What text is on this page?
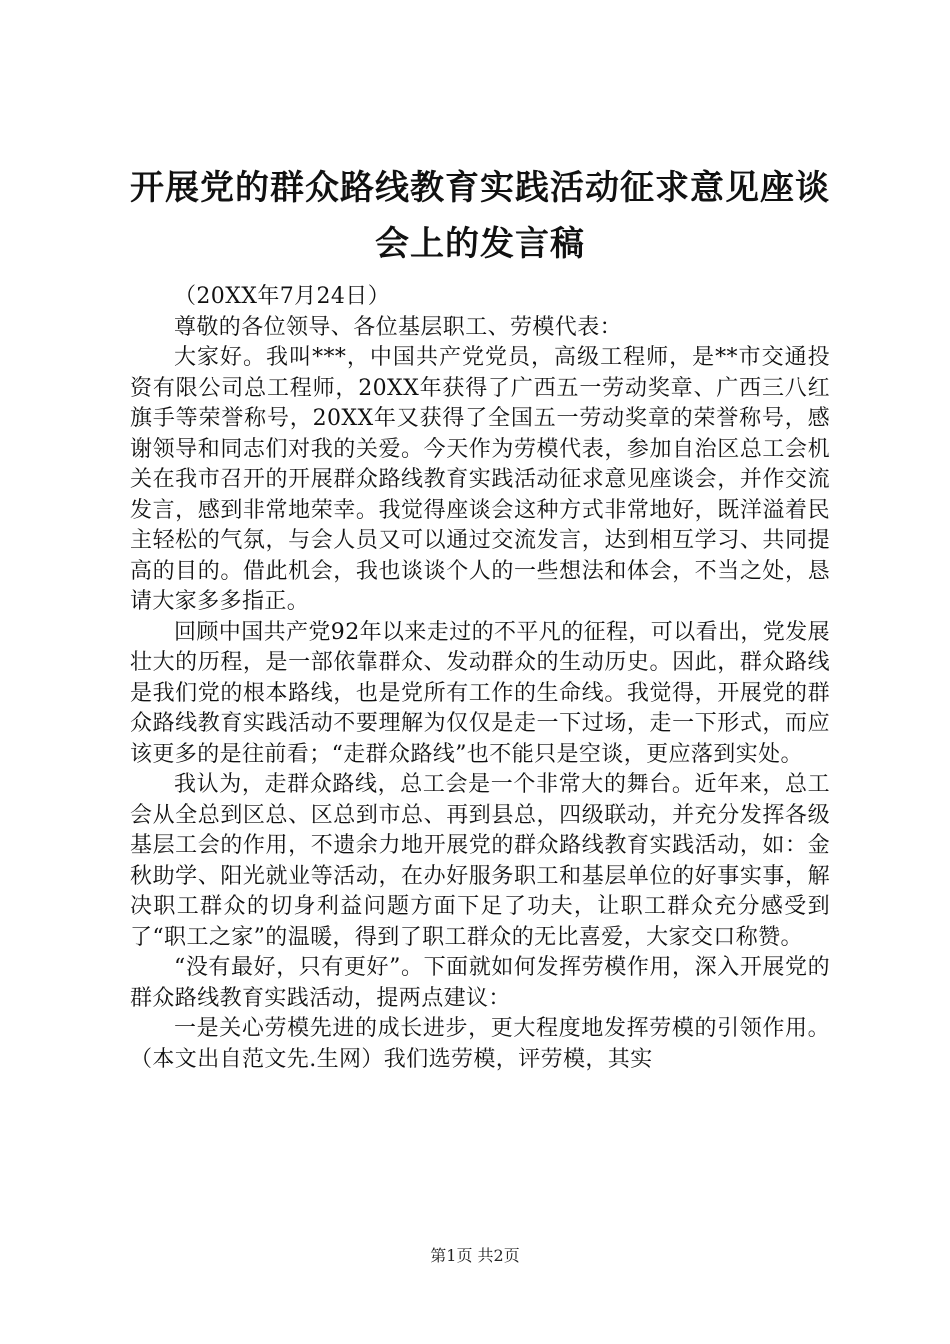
开展党的群众路线教育实践活动征求意见座谈
会上的发言稿

（20XX年7月24日）

尊敬的各位领导、各位基层职工、劳模代表：

大家好。我叫***，中国共产党党员，高级工程师，是**市交通投资有限公司总工程师，20XX年获得了广西五一劳动奖章、广西三八红旗手等荣誉称号，20XX年又获得了全国五一劳动奖章的荣誉称号，感谢领导和同志们对我的关爱。今天作为劳模代表，参加自治区总工会机关在我市召开的开展群众路线教育实践活动征求意见座谈会，并作交流发言，感到非常地荣幸。我觉得座谈会这种方式非常地好，既洋溢着民主轻松的气氛，与会人员又可以通过交流发言，达到相互学习、共同提高的目的。借此机会，我也谈谈个人的一些想法和体会，不当之处，恳请大家多多指正。

回顾中国共产党92年以来走过的不平凡的征程，可以看出，党发展壮大的历程，是一部依靠群众、发动群众的生动历史。因此，群众路线是我们党的根本路线，也是党所有工作的生命线。我觉得，开展党的群众路线教育实践活动不要理解为仅仅是走一下过场，走一下形式，而应该更多的是往前看；“走群众路线”也不能只是空谈，更应落到实处。

我认为，走群众路线，总工会是一个非常大的舞台。近年来，总工会从全总到区总、区总到市总、再到县总，四级联动，并充分发挥各级基层工会的作用，不遗余力地开展党的群众路线教育实践活动，如：金秋助学、阳光就业等活动，在办好服务职工和基层单位的好事实事，解决职工群众的切身利益问题方面下足了功夫，让职工群众充分感受到了“职工之家”的温暖，得到了职工群众的无比喜爱，大家交口称赞。

“没有最好，只有更好”。下面就如何发挥劳模作用，深入开展党的群众路线教育实践活动，提两点建议：

一是关心劳模先进的成长进步，更大程度地发挥劳模的引领作用。（本文出自范文先.生网）我们选劳模，评劳模，其实

第1页 共2页
